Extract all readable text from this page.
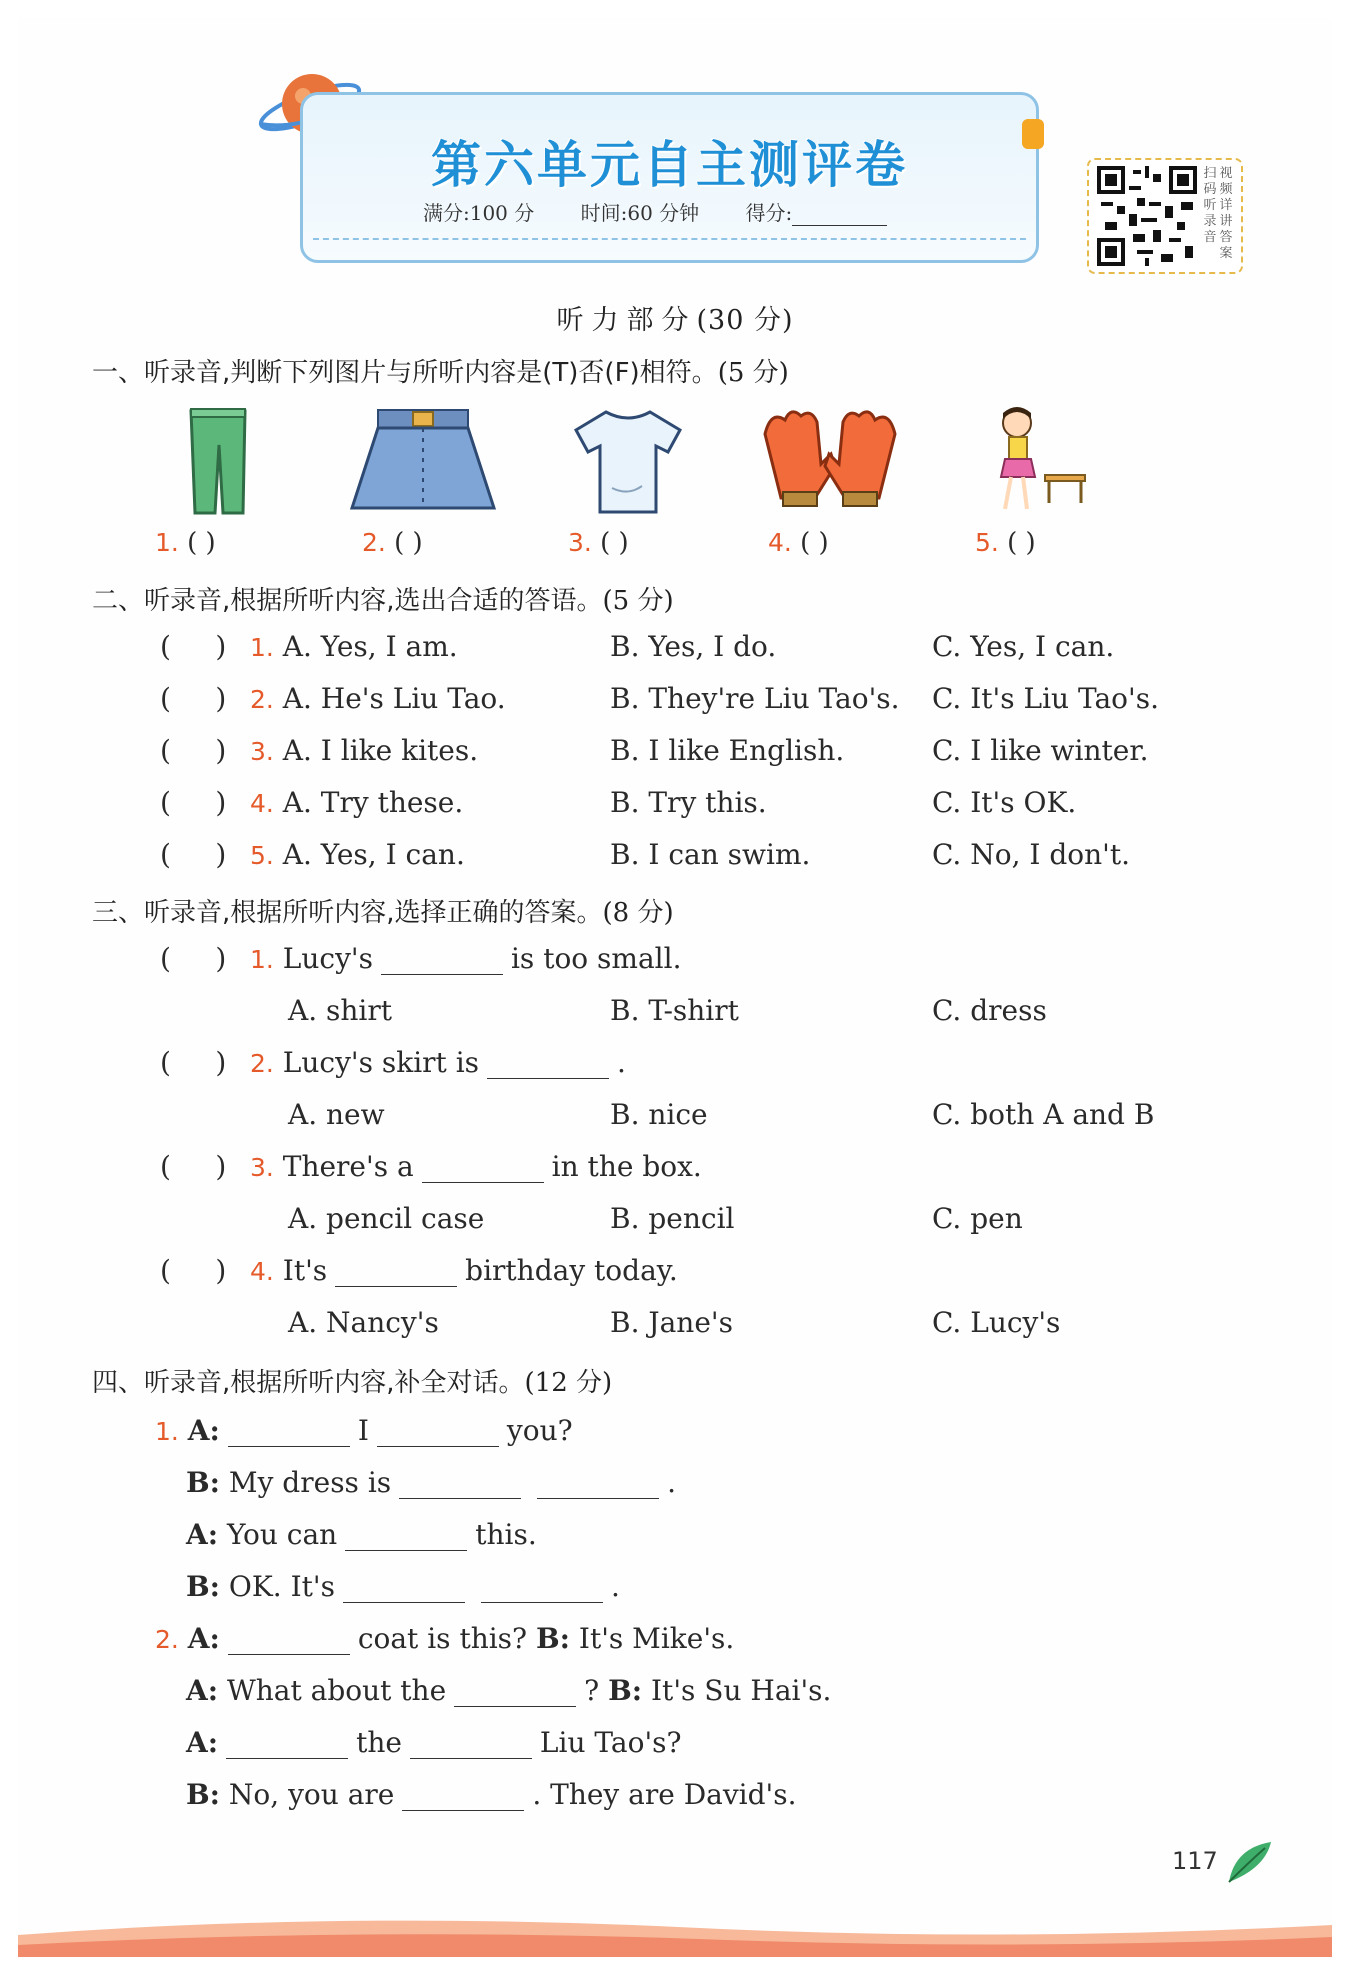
第六单元自主测评卷
满分:100 分 时间:60 分钟 得分:
扫 视
码 频
听 详
录 讲
音 答
案
听力部分(30 分)
一、听录音,判断下列图片与所听内容是(T)否(F)相符。(5 分)
1. ( )	2. ( )	3. ( )	4. ( )	5. ( )
二、听录音,根据所听内容,选出合适的答语。(5 分)
(     ) 1. A. Yes, I am.	B. Yes, I do.	C. Yes, I can.
(     ) 2. A. He's Liu Tao.	B. They're Liu Tao's. C. It's Liu Tao's.
(     ) 3. A. I like kites.	B. I like English.	C. I like winter.
(     ) 4. A. Try these.	B. Try this.	C. It's OK.
(     ) 5. A. Yes, I can.	B. I can swim.	C. No, I don't.
三、听录音,根据所听内容,选择正确的答案。(8 分)
(     ) 1. Lucy's	is too small.
A. shirt	B. T-shirt	C. dress
(     ) 2. Lucy's skirt is	.
A. new	B. nice	C. both A and B
(     ) 3. There's a	in the box.
A. pencil case	B. pencil	C. pen
(     ) 4. It's	birthday today.
A. Nancy's	B. Jane's	C. Lucy's
四、听录音,根据所听内容,补全对话。(12 分)
1. A:	I	you?
B: My dress is	.
A: You can	this.
B: OK. It's	.
2. A:	coat is this? B: It's Mike's.
A: What about the	? B: It's Su Hai's.
A:	the	Liu Tao's?
B: No, you are	. They are David's.
117
